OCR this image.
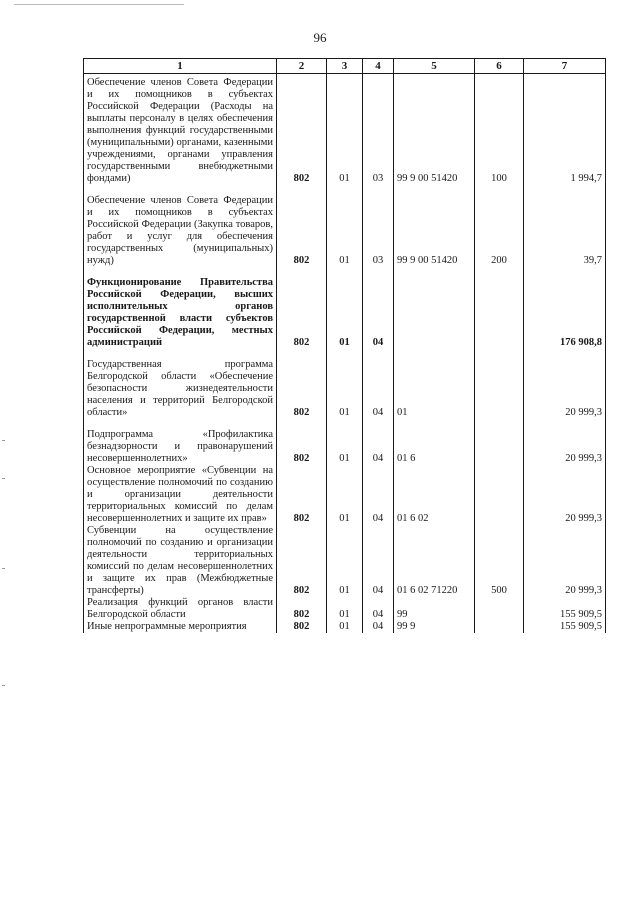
96
1	2	3	4	5	6	7
Обеспечение членов Совета Федерации и их помощников в субъектах Российской Федерации (Расходы на выплаты персоналу в целях обеспечения выполнения функций государственными (муниципальными) органами, казенными учреждениями, органами управления государственными внебюджетными фондами)	802	01	03	99 9 00 51420	100	1 994,7
Обеспечение членов Совета Федерации и их помощников в субъектах Российской Федерации (Закупка товаров, работ и услуг для обеспечения государственных (муниципальных) нужд)	802	01	03	99 9 00 51420	200	39,7
Функционирование Правительства Российской Федерации, высших исполнительных органов государственной власти субъектов Российской Федерации, местных администраций	802	01	04			176 908,8
Государственная программа Белгородской области «Обеспечение безопасности жизнедеятельности населения и территорий Белгородской области»	802	01	04	01		20 999,3
Подпрограмма «Профилактика безнадзорности и правонарушений несовершеннолетних»	802	01	04	01 6		20 999,3
Основное мероприятие «Субвенции на осуществление полномочий по созданию и организации деятельности территориальных комиссий по делам несовершеннолетних и защите их прав»	802	01	04	01 6 02		20 999,3
Субвенции на осуществление полномочий по созданию и организации деятельности территориальных комиссий по делам несовершеннолетних и защите их прав (Межбюджетные трансферты)	802	01	04	01 6 02 71220	500	20 999,3
Реализация функций органов власти Белгородской области	802	01	04	99		155 909,5
Иные непрограммные мероприятия	802	01	04	99 9		155 909,5
